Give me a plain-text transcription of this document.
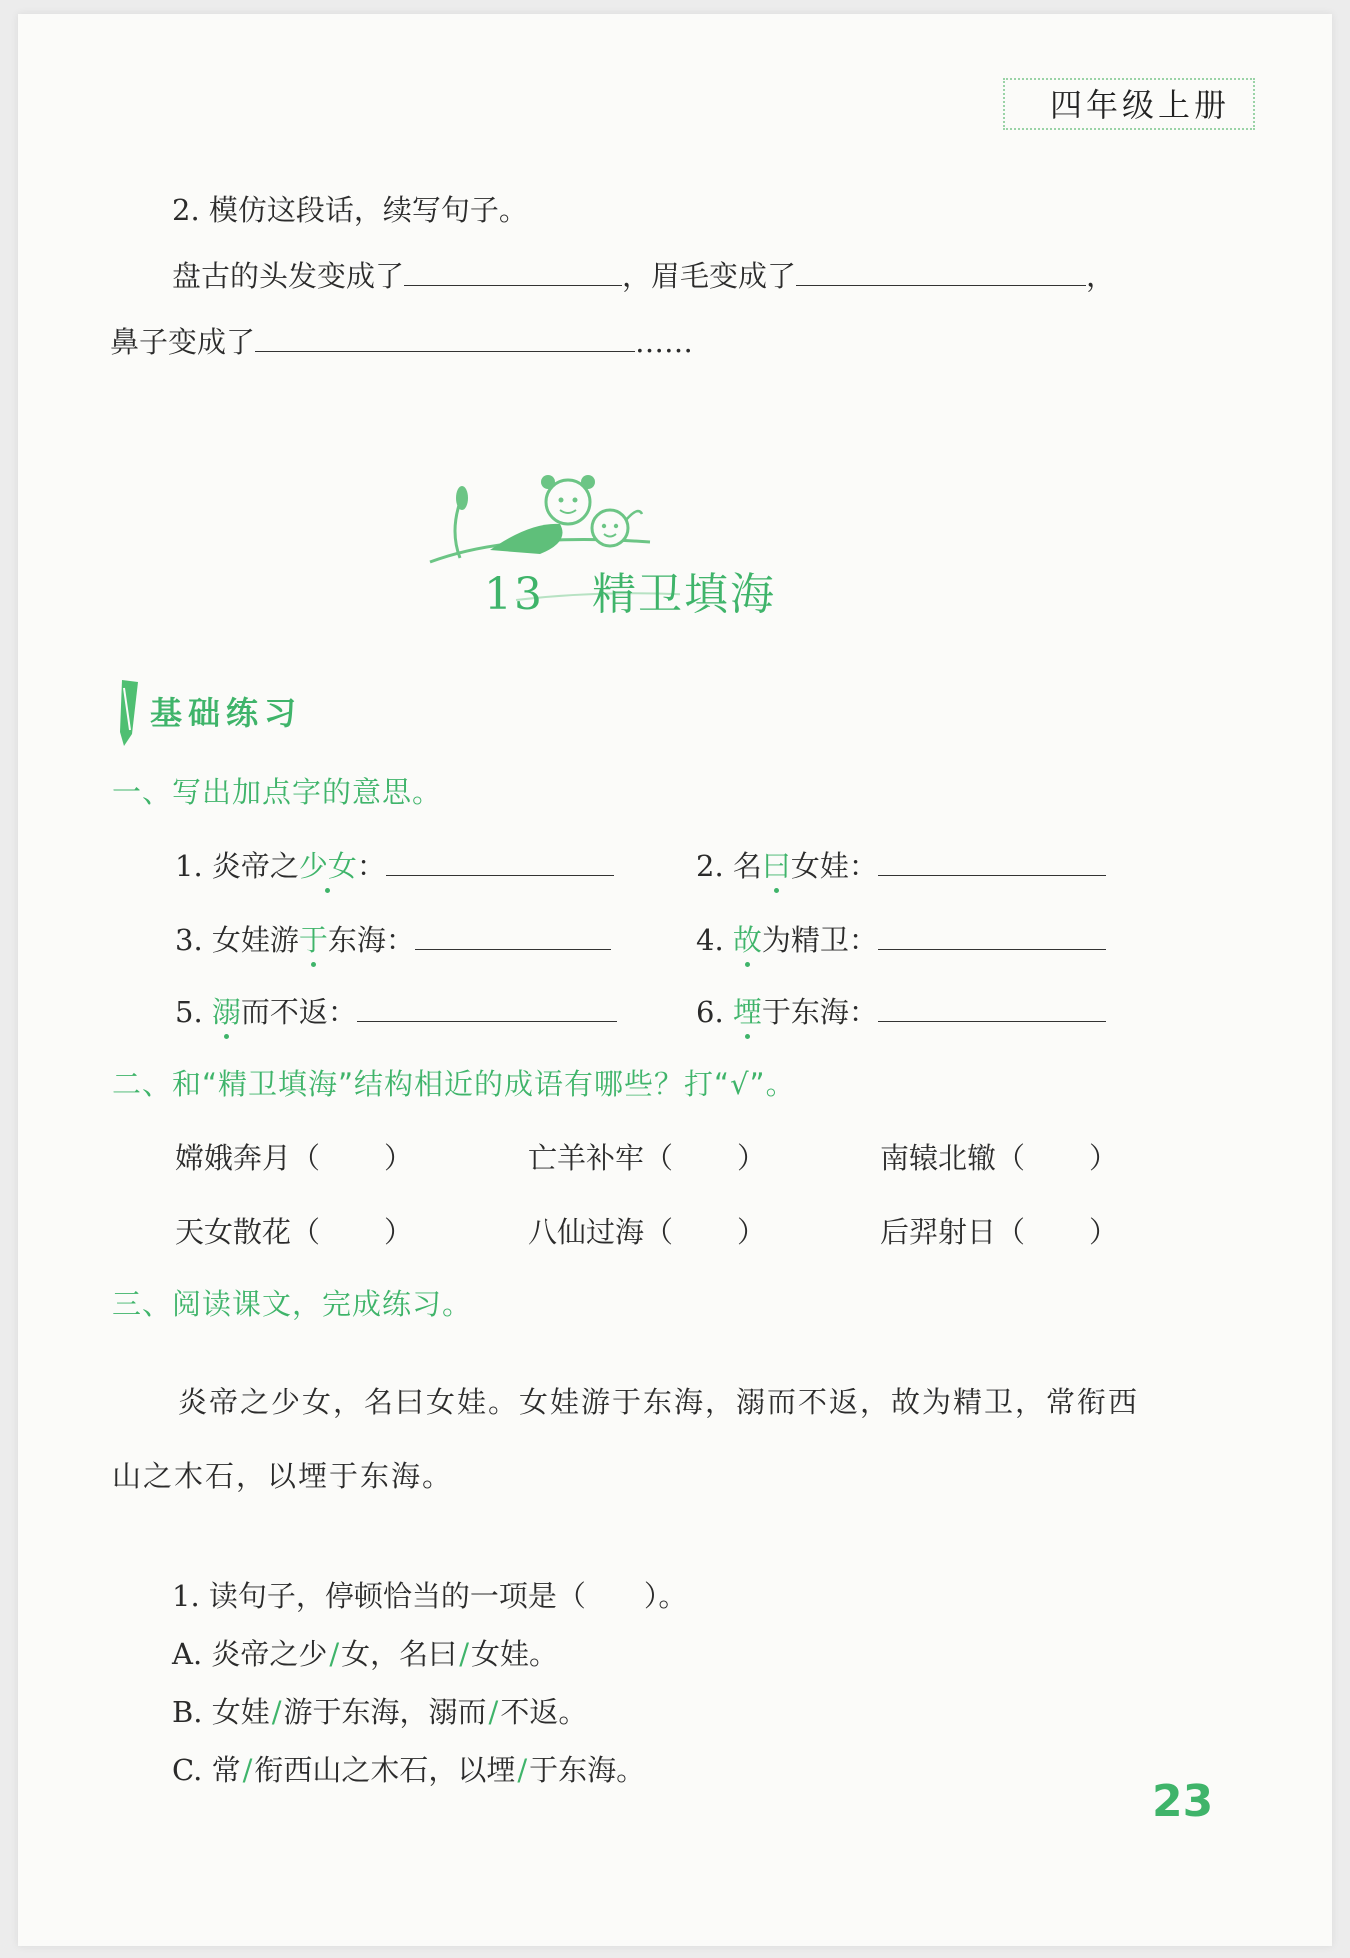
四年级上册
2. 模仿这段话，续写句子。
盘古的头发变成了	，眉毛变成了	，
鼻子变成了	……
13 精卫填海
基础练习
一、写出加点字的意思。
1. 炎帝之少女：	2. 名曰女娃：
3. 女娃游于东海：	4. 故为精卫：
5. 溺而不返：	6. 堙于东海：
二、和“精卫填海”结构相近的成语有哪些？打“√”。
嫦娥奔月（ ）	亡羊补牢（ ）	南辕北辙（ ）
天女散花（ ）	八仙过海（ ）	后羿射日（ ）
三、阅读课文，完成练习。
炎帝之少女，名曰女娃。女娃游于东海，溺而不返，故为精卫，常衔西
山之木石，以堙于东海。
1. 读句子，停顿恰当的一项是（　　）。
A. 炎帝之少/女，名曰/女娃。
B. 女娃/游于东海，溺而/不返。
C. 常/衔西山之木石，以堙/于东海。
23
